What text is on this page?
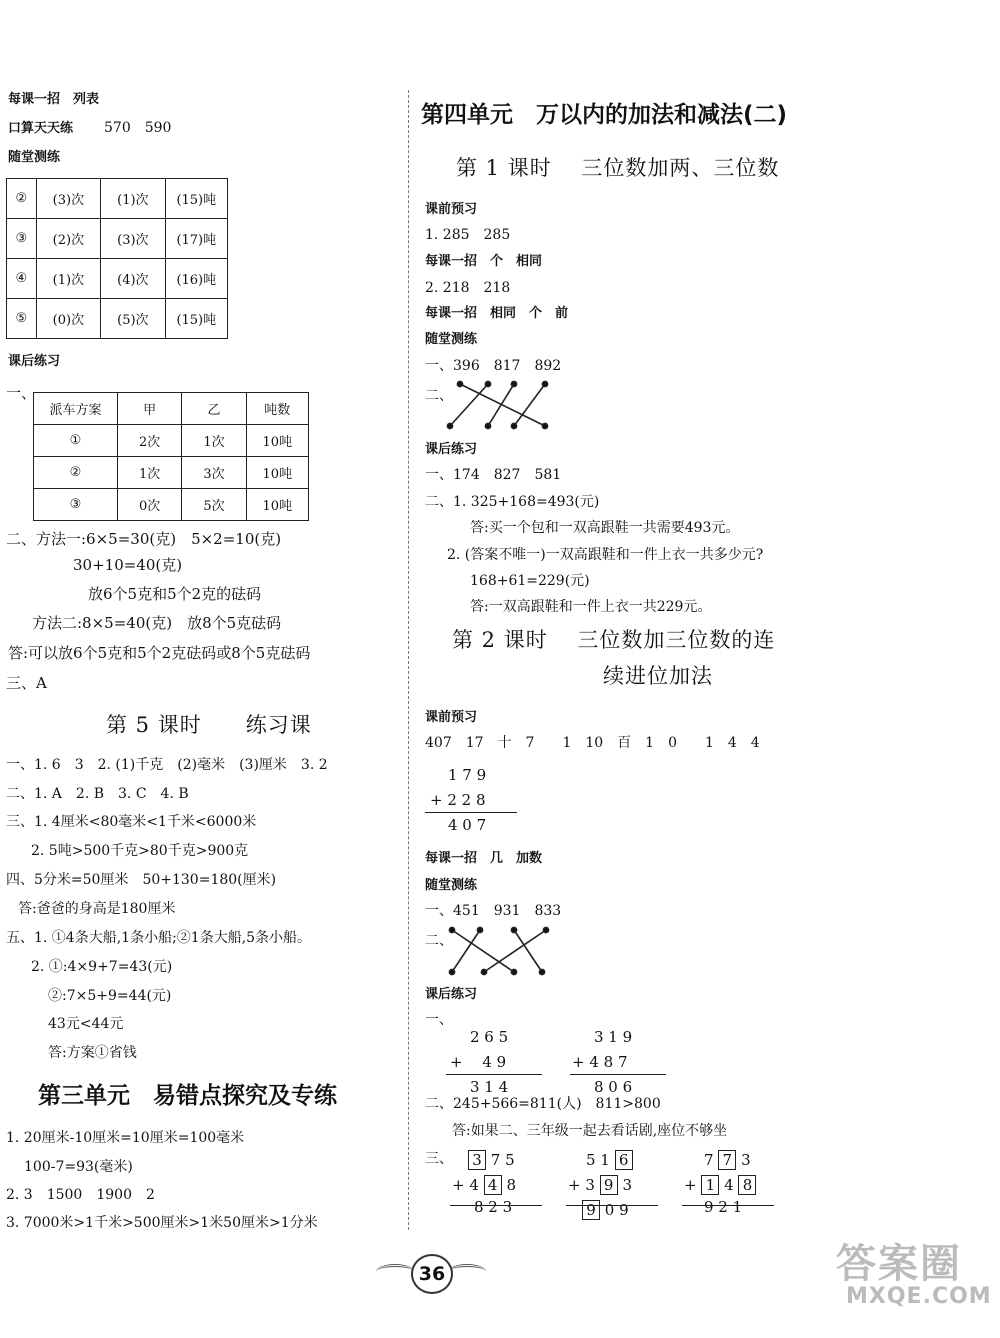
每课一招　列表
口算天天练 570　590
随堂测练
②	(3)次	(1)次	(15)吨
③	(2)次	(3)次	(17)吨
④	(1)次	(4)次	(16)吨
⑤	(0)次	(5)次	(15)吨
课后练习
一、
派车方案	甲	乙	吨数
①	2次	1次	10吨
②	1次	3次	10吨
③	0次	5次	10吨
二、方法一:6×5=30(克)　5×2=10(克)
30+10=40(克)
放6个5克和5个2克的砝码
方法二:8×5=40(克)　放8个5克砝码
答:可以放6个5克和5个2克砝码或8个5克砝码
三、A
第 5 课时　　练习课
一、1. 6　3　2. (1)千克　(2)毫米　(3)厘米　3. 2
二、1. A　2. B　3. C　4. B
三、1. 4厘米<80毫米<1千米<6000米
2. 5吨>500千克>80千克>900克
四、5分米=50厘米　50+130=180(厘米)
答:爸爸的身高是180厘米
五、1. ①4条大船,1条小船;②1条大船,5条小船。
2. ①:4×9+7=43(元)
②:7×5+9=44(元)
43元<44元
答:方案①省钱
第三单元　易错点探究及专练
1. 20厘米-10厘米=10厘米=100毫米
100-7=93(毫米)
2. 3　1500　1900　2
3. 7000米>1千米>500厘米>1米50厘米>1分米
第四单元　万以内的加法和减法(二)
第 1 课时　 三位数加两、三位数
课前预习
1. 285　285
每课一招　个　相同
2. 218　218
每课一招　相同　个　前
随堂测练
一、396　817　892
二、
课后练习
一、174　827　581
二、1. 325+168=493(元)
答:买一个包和一双高跟鞋一共需要493元。
2. (答案不唯一)一双高跟鞋和一件上衣一共多少元?
168+61=229(元)
答:一双高跟鞋和一件上衣一共229元。
第 2 课时　 三位数加三位数的连
续进位加法
课前预习
407　17　十　7　　1　10　百　1　0　　1　4　4
1 7 9
+ 2 2 8
4 0 7
每课一招　几　加数
随堂测练
一、451　931　833
二、
课后练习
一、
2 6 5
+　 4 9
3 1 4
3 1 9
+ 4 8 7
8 0 6
二、245+566=811(人)　811>800
答:如果二、三年级一起去看话剧,座位不够坐
三、	3 7 5
+ 4 4 8
8 2 3
5 1 6
+ 3 9 3
9 0 9
7 7 3
+ 1 4 8
9 2 1
36	答案圈
MXQE.COM
